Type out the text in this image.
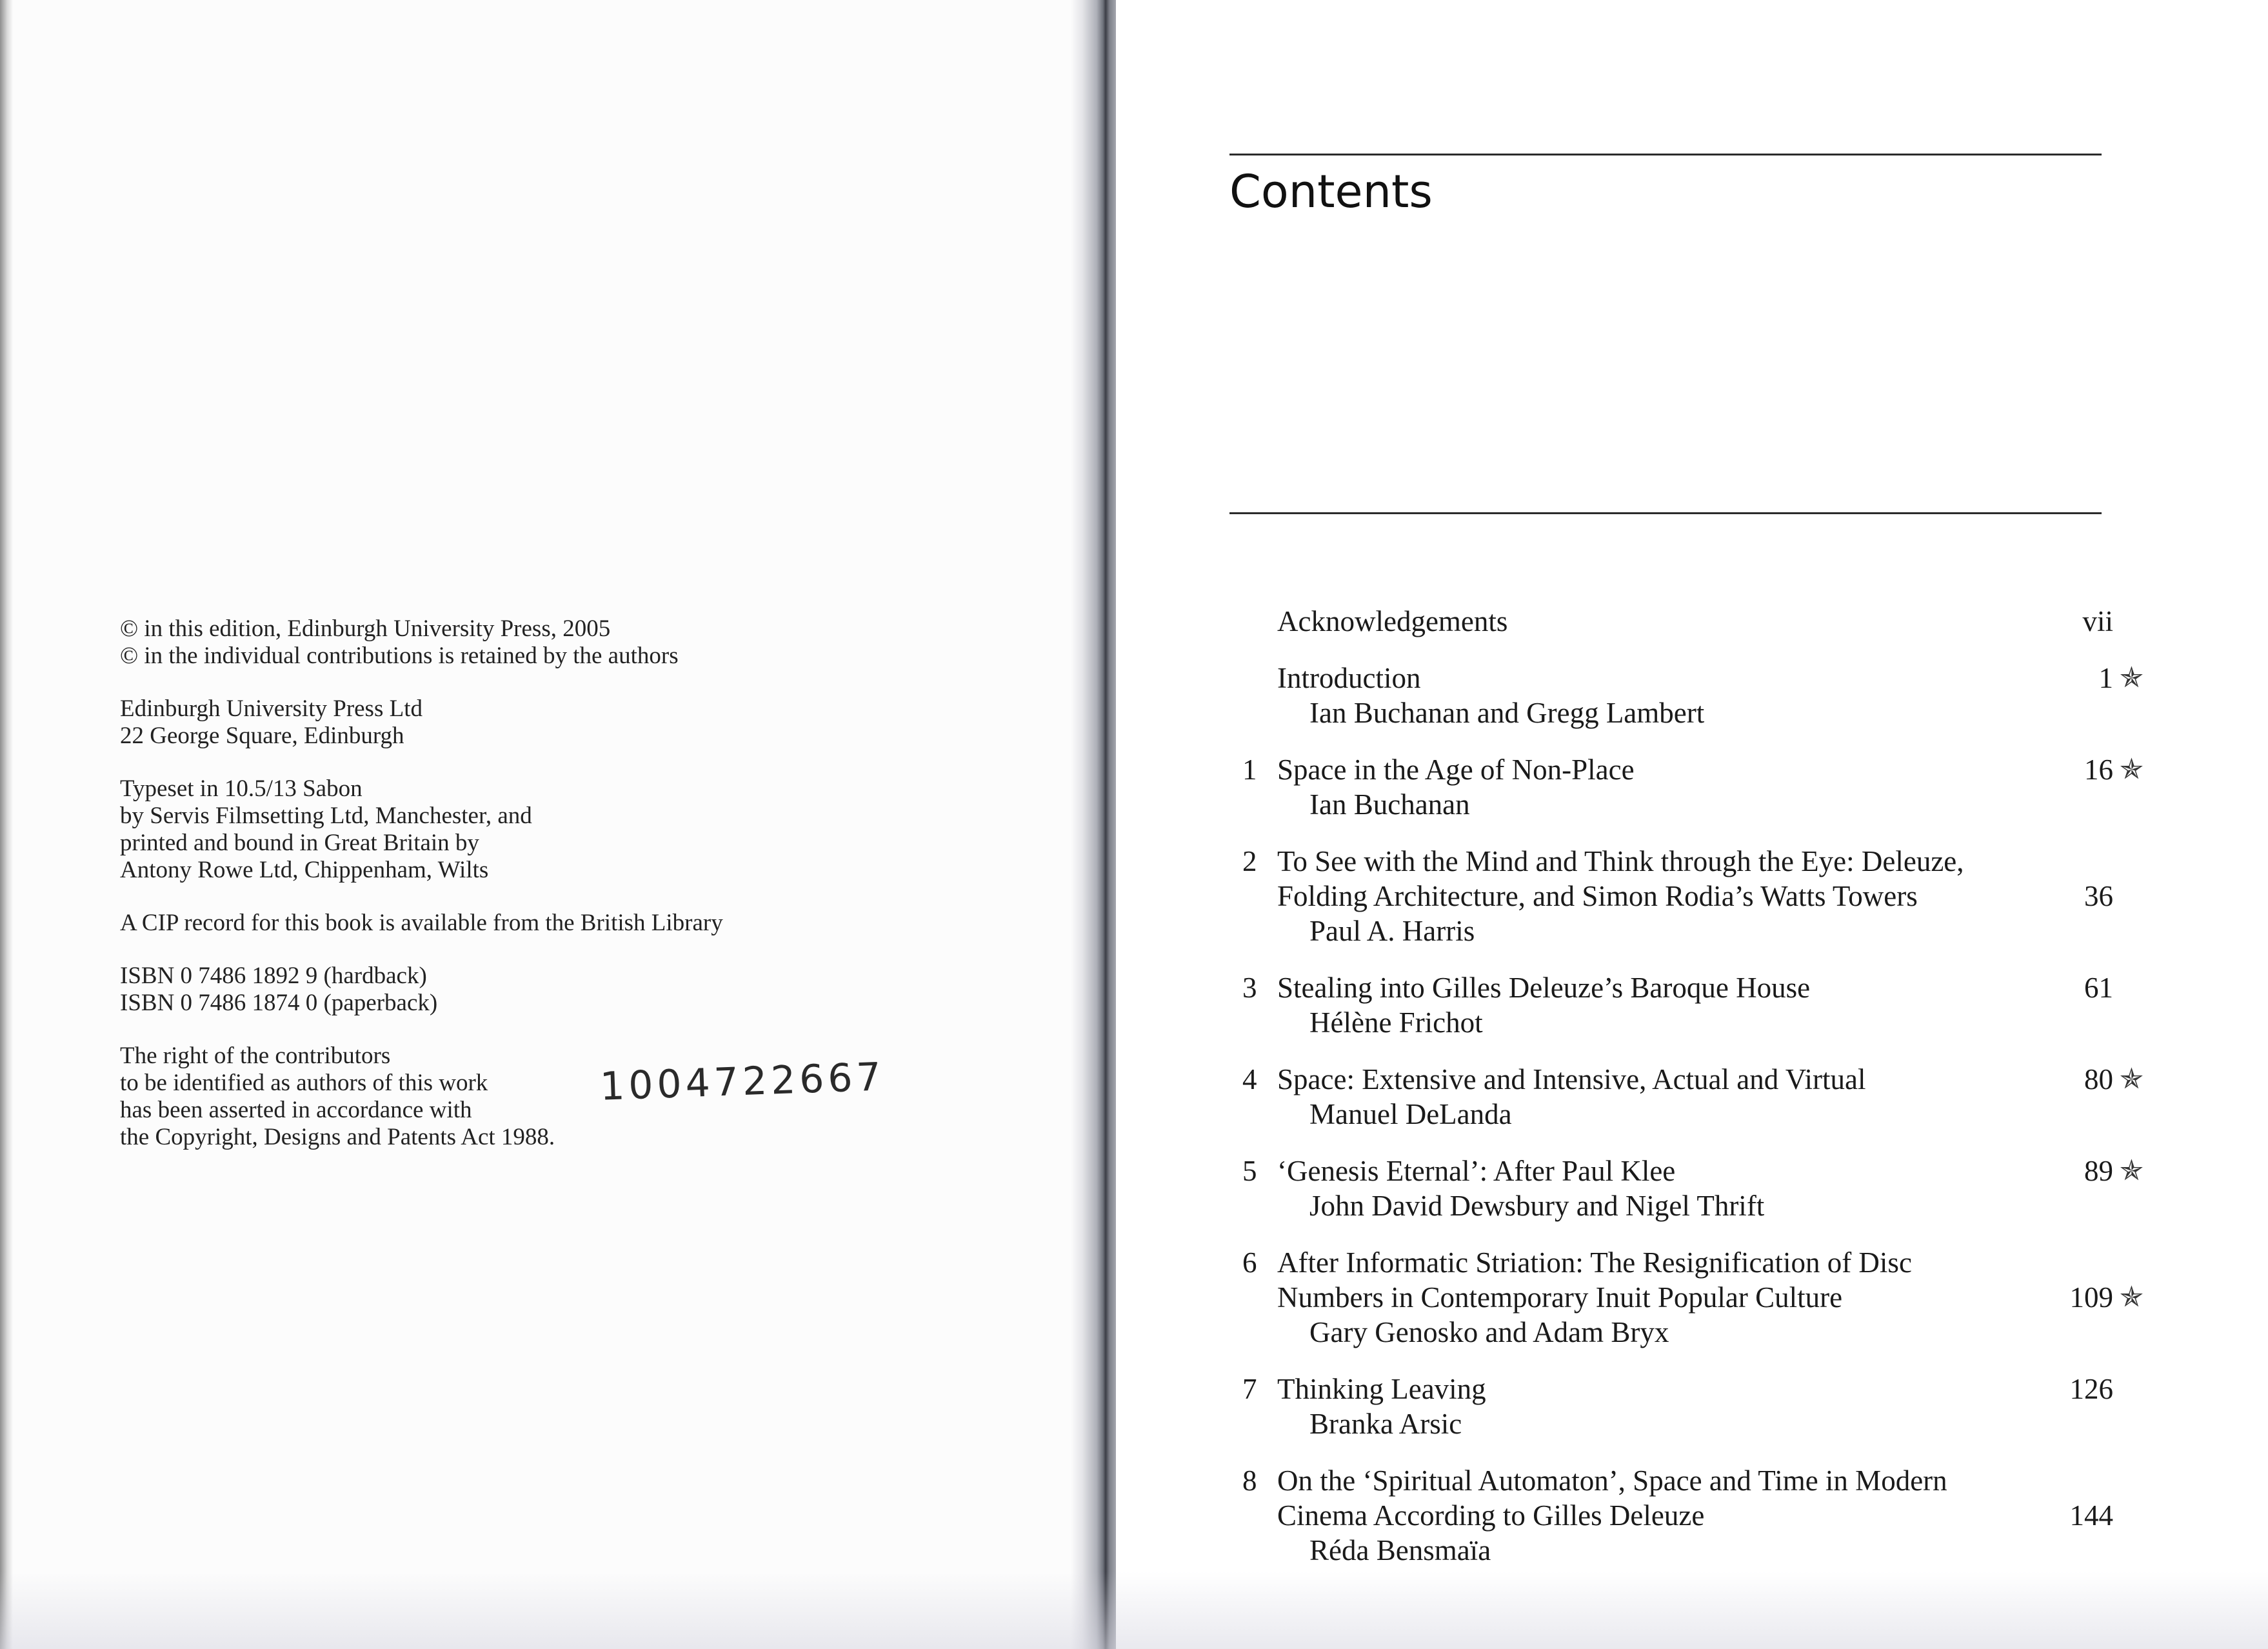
© in this edition, Edinburgh University Press, 2005
© in the individual contributions is retained by the authors

Edinburgh University Press Ltd
22 George Square, Edinburgh

Typeset in 10.5/13 Sabon
by Servis Filmsetting Ltd, Manchester, and
printed and bound in Great Britain by
Antony Rowe Ltd, Chippenham, Wilts

A CIP record for this book is available from the British Library

ISBN 0 7486 1892 9 (hardback)
ISBN 0 7486 1874 0 (paperback)

The right of the contributors
to be identified as authors of this work
has been asserted in accordance with
the Copyright, Designs and Patents Act 1988.

1004722667
Contents
Acknowledgements	vii
Introduction
Ian Buchanan and Gregg Lambert
1 ✯
1 Space in the Age of Non-Place
Ian Buchanan
16 ✯
2 To See with the Mind and Think through the Eye: Deleuze,
Folding Architecture, and Simon Rodia’s Watts Towers
Paul A. Harris
36
3 Stealing into Gilles Deleuze’s Baroque House
Hélène Frichot
61
4 Space: Extensive and Intensive, Actual and Virtual
Manuel DeLanda
80 ✯
5 ‘Genesis Eternal’: After Paul Klee
John David Dewsbury and Nigel Thrift
89 ✯
6 After Informatic Striation: The Resignification of Disc
Numbers in Contemporary Inuit Popular Culture
Gary Genosko and Adam Bryx
109 ✯
7 Thinking Leaving
Branka Arsic
126
8 On the ‘Spiritual Automaton’, Space and Time in Modern
Cinema According to Gilles Deleuze
Réda Bensmaïa
144
